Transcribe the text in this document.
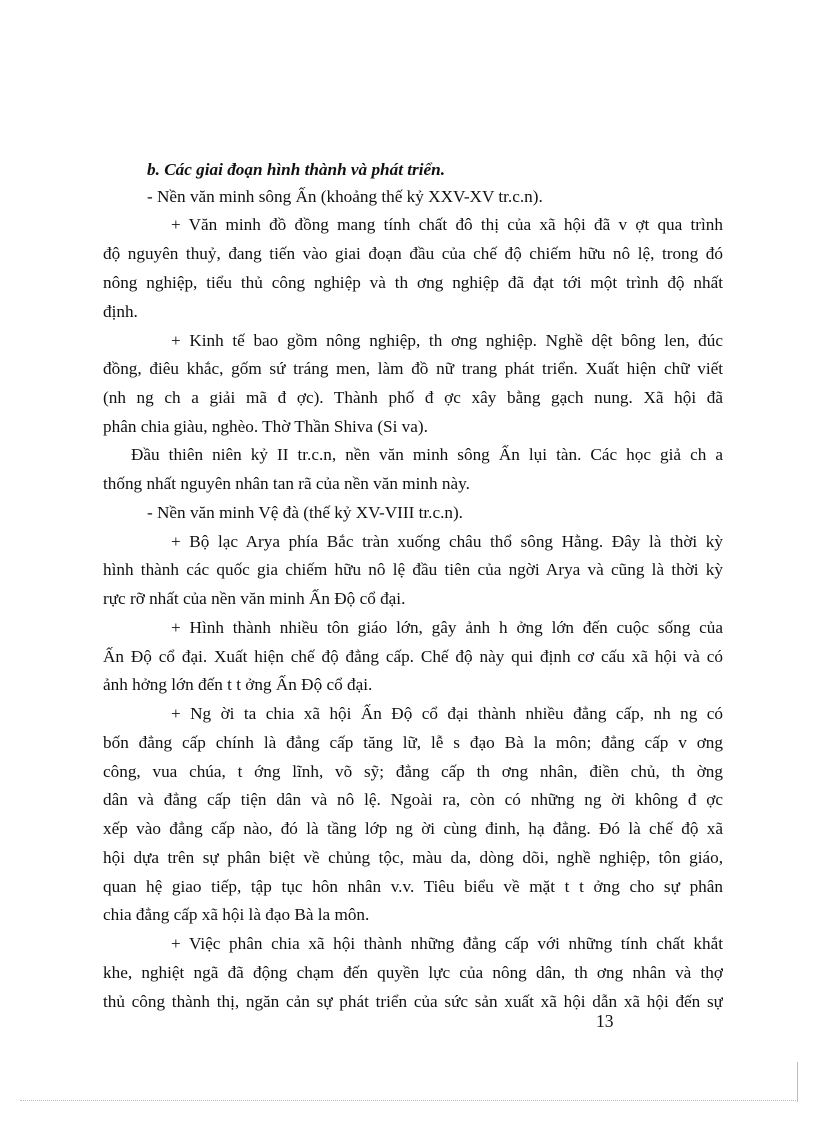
b. Các giai đoạn hình thành và phát triển.
- Nền văn minh sông Ấn (khoảng thế kỷ XXV-XV tr.c.n).
+ Văn minh đồ đồng mang tính chất đô thị của xã hội đã v ợt qua trình
độ nguyên thuỷ, đang tiến vào giai đoạn đầu của chế độ chiếm hữu nô lệ, trong đó
nông nghiệp, tiểu thủ công nghiệp và th ơng nghiệp đã đạt tới một trình độ nhất
định.
+ Kinh tế bao gồm nông nghiệp, th ơng nghiệp. Nghề dệt bông len, đúc
đồng, điêu khắc, gốm sứ tráng men, làm đồ nữ trang phát triển. Xuất hiện chữ viết
(nh ng ch a giải mã đ ợc). Thành phố đ ợc xây bằng gạch nung. Xã hội đã
phân chia giàu, nghèo. Thờ Thần Shiva (Si va).
Đầu thiên niên kỷ II tr.c.n, nền văn minh sông Ấn lụi tàn. Các học giả ch a
thống nhất nguyên nhân tan rã của nền văn minh này.
- Nền văn minh Vệ đà (thế kỷ XV-VIII tr.c.n).
+ Bộ lạc Arya phía Bắc tràn xuống châu thổ sông Hằng. Đây là thời kỳ
hình thành các quốc gia chiếm hữu nô lệ đầu tiên của ngời Arya và cũng là thời kỳ
rực rỡ nhất của nền văn minh Ấn Độ cổ đại.
+ Hình thành nhiều tôn giáo lớn, gây ảnh h ởng lớn đến cuộc sống của
Ấn Độ cổ đại. Xuất hiện chế độ đẳng cấp. Chế độ này qui định cơ cấu xã hội và có
ảnh hởng lớn đến t t ởng Ấn Độ cổ đại.
+ Ng ời ta chia xã hội Ấn Độ cổ đại thành nhiều đẳng cấp, nh ng có
bốn đẳng cấp chính là đẳng cấp tăng lữ, lễ s đạo Bà la môn; đẳng cấp v ơng
công, vua chúa, t ớng lĩnh, võ sỹ; đẳng cấp th ơng nhân, điền chủ, th ờng
dân và đẳng cấp tiện dân và nô lệ. Ngoài ra, còn có những ng ời không đ ợc
xếp vào đẳng cấp nào, đó là tầng lớp ng ời cùng đinh, hạ đẳng. Đó là chế độ xã
hội dựa trên sự phân biệt về chủng tộc, màu da, dòng dõi, nghề nghiệp, tôn giáo,
quan hệ giao tiếp, tập tục hôn nhân v.v. Tiêu biểu về mặt t t ởng cho sự phân
chia đẳng cấp xã hội là đạo Bà la môn.
+ Việc phân chia xã hội thành những đẳng cấp với những tính chất khắt
khe, nghiệt ngã đã động chạm đến quyền lực của nông dân, th ơng nhân và thợ
thủ công thành thị, ngăn cản sự phát triển của sức sản xuất xã hội dẫn xã hội đến sự
13
